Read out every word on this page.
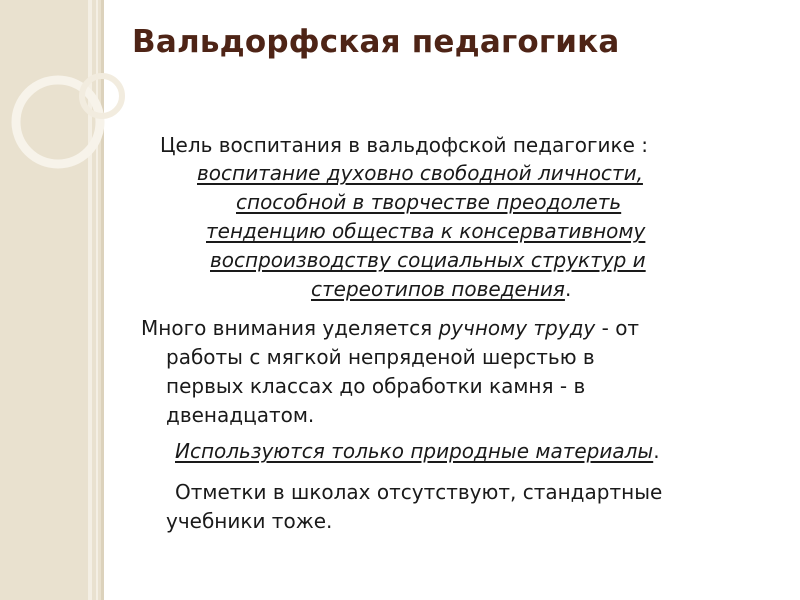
Вальдорфская педагогика
Цель воспитания в вальдофской педагогике :
воспитание духовно свободной личности,
способной в творчестве преодолеть
тенденцию общества к консервативному
воспроизводству социальных структур и
стереотипов поведения.
Много внимания уделяется ручному труду - от
работы с мягкой непряденой шерстью в
первых классах до обработки камня - в
двенадцатом.
Используются только природные материалы.
Отметки в школах отсутствуют, стандартные
учебники тоже.
